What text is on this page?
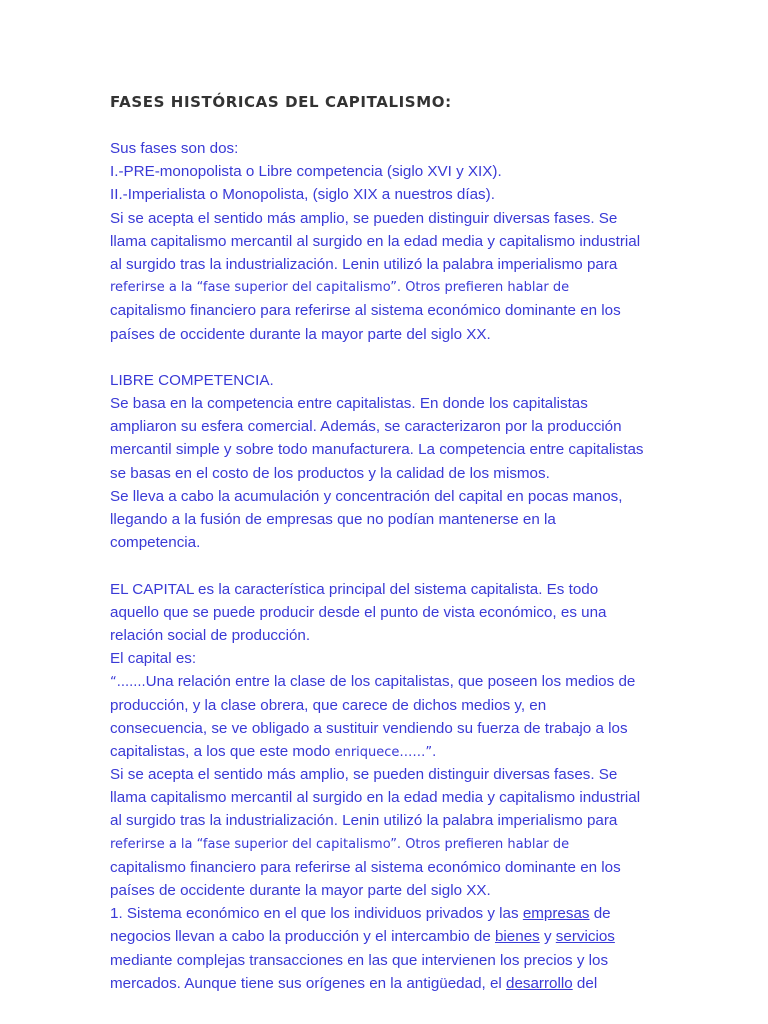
FASES HISTÓRICAS DEL CAPITALISMO:
Sus fases son dos:
I.-PRE-monopolista o Libre competencia (siglo XVI y XIX).
II.-Imperialista o Monopolista, (siglo XIX a nuestros días).
Si se acepta el sentido más amplio, se pueden distinguir diversas fases. Se
llama capitalismo mercantil al surgido en la edad media y capitalismo industrial
al surgido tras la industrialización. Lenin utilizó la palabra imperialismo para
referirse a la “fase superior del capitalismo”. Otros prefieren hablar de
capitalismo financiero para referirse al sistema económico dominante en los
países de occidente durante la mayor parte del siglo XX.
LIBRE COMPETENCIA.
Se basa en la competencia entre capitalistas. En donde los capitalistas
ampliaron su esfera comercial. Además, se caracterizaron por la producción
mercantil simple y sobre todo manufacturera. La competencia entre capitalistas
se basas en el costo de los productos y la calidad de los mismos.
Se lleva a cabo la acumulación y concentración del capital en pocas manos,
llegando a la fusión de empresas que no podían mantenerse en la
competencia.
EL CAPITAL es la característica principal del sistema capitalista. Es todo
aquello que se puede producir desde el punto de vista económico, es una
relación social de producción.
El capital es:
“.......Una relación entre la clase de los capitalistas, que poseen los medios de
producción, y la clase obrera, que carece de dichos medios y, en
consecuencia, se ve obligado a sustituir vendiendo su fuerza de trabajo a los
capitalistas, a los que este modo enriquece……”.
Si se acepta el sentido más amplio, se pueden distinguir diversas fases. Se
llama capitalismo mercantil al surgido en la edad media y capitalismo industrial
al surgido tras la industrialización. Lenin utilizó la palabra imperialismo para
referirse a la “fase superior del capitalismo”. Otros prefieren hablar de
capitalismo financiero para referirse al sistema económico dominante en los
países de occidente durante la mayor parte del siglo XX.
1. Sistema económico en el que los individuos privados y las empresas de
negocios llevan a cabo la producción y el intercambio de bienes y servicios
mediante complejas transacciones en las que intervienen los precios y los
mercados. Aunque tiene sus orígenes en la antigüedad, el desarrollo del
